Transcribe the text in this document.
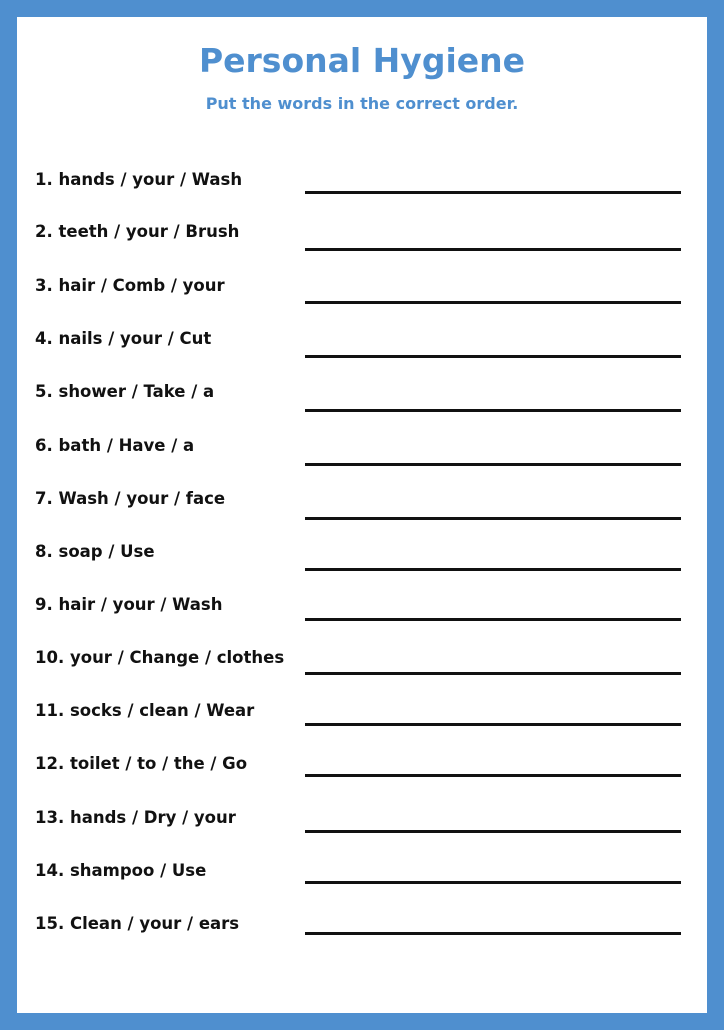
Personal Hygiene

Put the words in the correct order.

1. hands / your / Wash
2. teeth / your / Brush
3. hair / Comb / your
4. nails / your / Cut
5. shower / Take / a
6. bath / Have / a
7. Wash / your / face
8. soap / Use
9. hair / your / Wash
10. your / Change / clothes
11. socks / clean / Wear
12. toilet / to / the / Go
13. hands / Dry / your
14. shampoo / Use
15. Clean / your / ears
